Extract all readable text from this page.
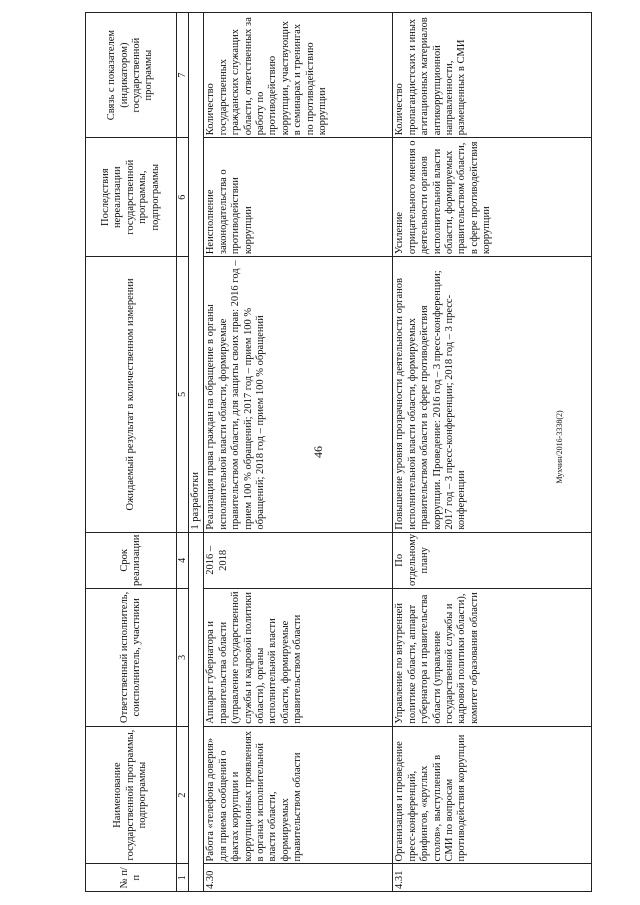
46	Мухчин/2016-3338(2)
№ п/п	Наименование государственной программы, подпрограммы	Ответственный исполнитель, соисполнитель, участники	Срок реализации	Ожидаемый результат в количественном измерении	Последствия нереализации государственной программы, подпрограммы	Связь с показателем (индикатором) государственной программы
1	2	3	4	5	6	7
				1 разработки		
4.30	Работа «телефона доверия» для приема сообщений о фактах коррупции и коррупционных проявлениях в органах исполнительной власти области, формируемых правительством области	Аппарат губернатора и правительства области (управление государственной службы и кадровой политики области), органы исполнительной власти области, формируемые правительством области	2016 – 2018	Реализация права граждан на обращение в органы исполнительной власти области, формируемые правительством области, для защиты своих прав: 2016 год – прием 100 % обращений; 2017 год – прием 100 % обращений; 2018 год – прием 100 % обращений	Неисполнение законодательства о противодействии коррупции	Количество государственных гражданских служащих области, ответственных за работу по противодействию коррупции, участвующих в семинарах и тренингах по противодействию коррупции
4.31	Организация и проведение пресс-конференций, брифингов, «круглых столов», выступлений в СМИ по вопросам противодействия коррупции	Управление по внутренней политике области, аппарат губернатора и правительства области (управление государственной службы и кадровой политики области), комитет образования области	По отдельному плану	Повышение уровня прозрачности деятельности органов исполнительной власти области, формируемых правительством области в сфере противодействия коррупции. Проведение: 2016 год – 3 пресс-конференции; 2017 год – 3 пресс-конференции; 2018 год – 3 пресс-конференции	Усиление отрицательного мнения о деятельности органов исполнительной власти области, формируемых правительством области, в сфере противодействия коррупции	Количество пропагандистских и иных агитационных материалов антикоррупционной направленности, размещенных в СМИ
